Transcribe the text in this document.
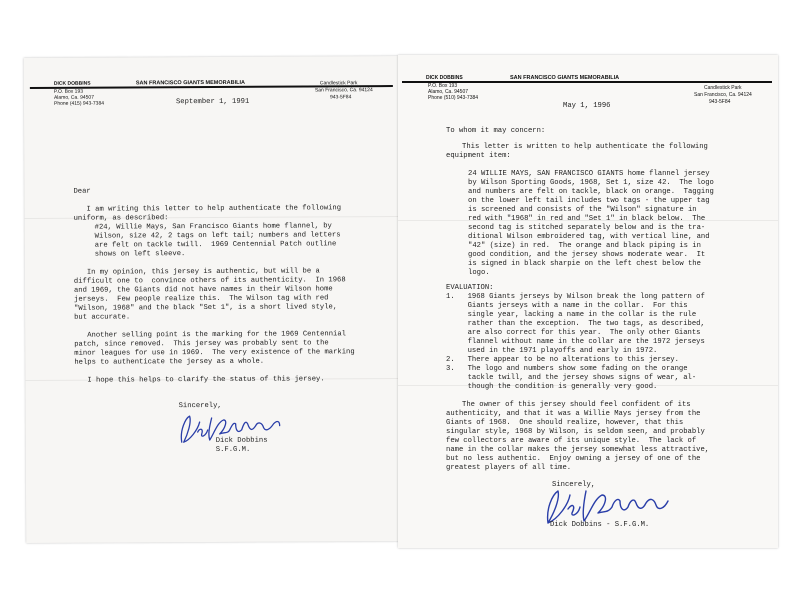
DICK DOBBINS	SAN FRANCISCO GIANTS MEMORABILIA
P.O. Box 193
Alamo, Ca. 94507
Phone (415) 943-7384
Candlestick Park
San Francisco, Ca. 94124
943-5F84
September 1, 1991
Dear
I am writing this letter to help authenticate the following
uniform, as described:
#24, Willie Mays, San Francisco Giants home flannel, by
Wilson, size 42, 2 tags on left tail; numbers and letters
are felt on tackle twill.  1969 Centennial Patch outline
shows on left sleeve.
In my opinion, this jersey is authentic, but will be a
difficult one to  convince others of its authenticity.  In 1968
and 1969, the Giants did not have names in their Wilson home
jerseys.  Few people realize this.  The Wilson tag with red
"Wilson, 1968" and the black "Set 1", is a short lived style,
but accurate.
Another selling point is the marking for the 1969 Centennial
patch, since removed.  This jersey was probably sent to the
minor leagues for use in 1969.  The very existence of the marking
helps to authenticate the jersey as a whole.
I hope this helps to clarify the status of this jersey.
Sincerely,
Dick Dobbins
S.F.G.M.
DICK DOBBINS	SAN FRANCISCO GIANTS MEMORABILIA
P.O. Box 193
Alamo, Ca. 94507
Phone (510) 943-7384
Candlestick Park
San Francisco, Ca. 94124
943-5F84
May 1, 1996
To whom it may concern:
This letter is written to help authenticate the following
equipment item:
24 WILLIE MAYS, SAN FRANCISCO GIANTS home flannel jersey
by Wilson Sporting Goods, 1968, Set 1, size 42.  The logo
and numbers are felt on tackle, black on orange.  Tagging
on the lower left tail includes two tags - the upper tag
is screened and consists of the "Wilson" signature in
red with "1968" in red and "Set 1" in black below.  The
second tag is stitched separately below and is the tra-
ditional Wilson embroidered tag, with vertical line, and
"42" (size) in red.  The orange and black piping is in
good condition, and the jersey shows moderate wear.  It
is signed in black sharpie on the left chest below the
logo.
EVALUATION:
1.   1968 Giants jerseys by Wilson break the long pattern of
Giants jerseys with a name in the collar.  For this
single year, lacking a name in the collar is the rule
rather than the exception.  The two tags, as described,
are also correct for this year.  The only other Giants
flannel without name in the collar are the 1972 jerseys
used in the 1971 playoffs and early in 1972.
2.   There appear to be no alterations to this jersey.
3.   The logo and numbers show some fading on the orange
tackle twill, and the jersey shows signs of wear, al-
though the condition is generally very good.
The owner of this jersey should feel confident of its
authenticity, and that it was a Willie Mays jersey from the
Giants of 1968.  One should realize, however, that this
singular style, 1968 by Wilson, is seldom seen, and probably
few collectors are aware of its unique style.  The lack of
name in the collar makes the jersey somewhat less attractive,
but no less authentic.  Enjoy owning a jersey of one of the
greatest players of all time.
Sincerely,
Dick Dobbins - S.F.G.M.
